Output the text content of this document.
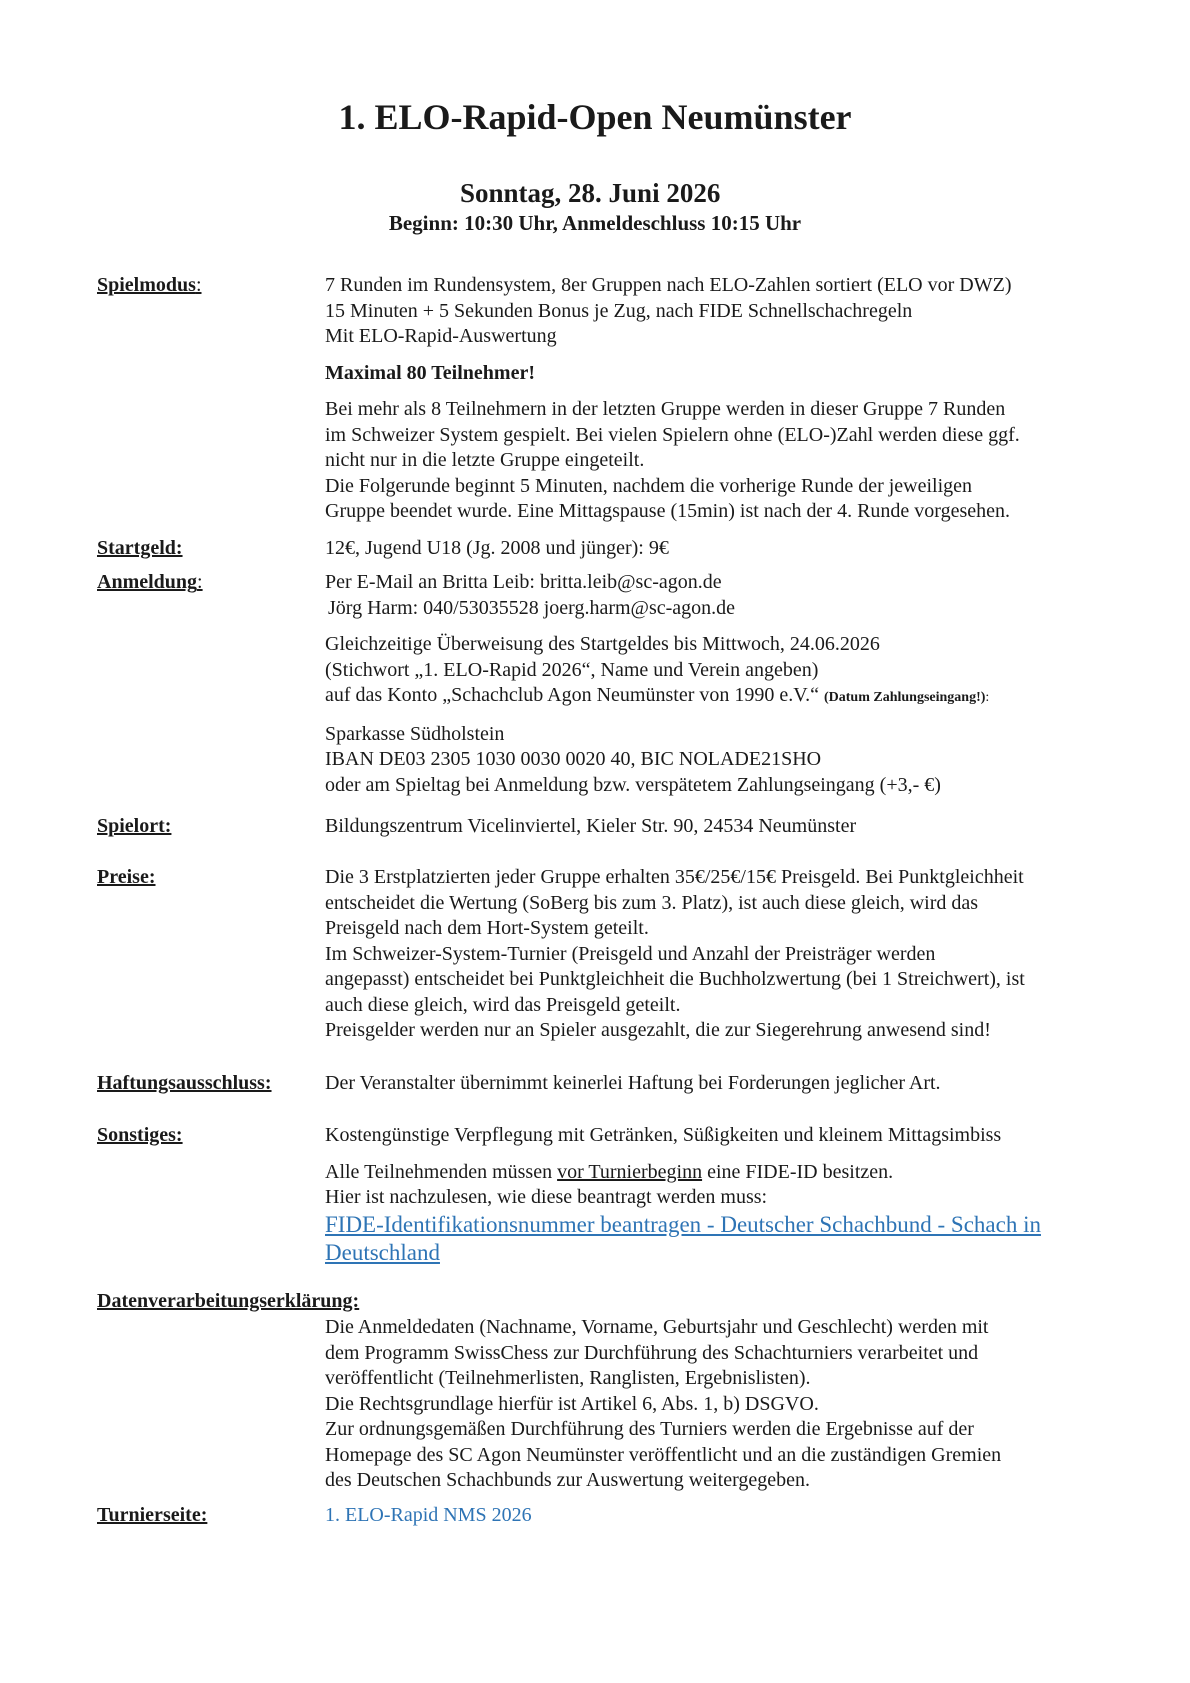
1. ELO-Rapid-Open Neumünster
Sonntag, 28. Juni 2026
Beginn: 10:30 Uhr, Anmeldeschluss 10:15 Uhr
Spielmodus:	7 Runden im Rundensystem, 8er Gruppen nach ELO-Zahlen sortiert (ELO vor DWZ)

15 Minuten + 5 Sekunden Bonus je Zug, nach FIDE Schnellschachregeln

Mit ELO-Rapid-Auswertung

Maximal 80 Teilnehmer!

Bei mehr als 8 Teilnehmern in der letzten Gruppe werden in dieser Gruppe 7 Runden

im Schweizer System gespielt. Bei vielen Spielern ohne (ELO-)Zahl werden diese ggf.

nicht nur in die letzte Gruppe eingeteilt.

Die Folgerunde beginnt 5 Minuten, nachdem die vorherige Runde der jeweiligen

Gruppe beendet wurde. Eine Mittagspause (15min) ist nach der 4. Runde vorgesehen.

Startgeld:	12€, Jugend U18 (Jg. 2008 und jünger): 9€

Anmeldung:	Per E-Mail an Britta Leib: britta.leib@sc-agon.de

Jörg Harm: 040/53035528 joerg.harm@sc-agon.de

Gleichzeitige Überweisung des Startgeldes bis Mittwoch, 24.06.2026

(Stichwort „1. ELO-Rapid 2026“, Name und Verein angeben)

auf das Konto „Schachclub Agon Neumünster von 1990 e.V.“ (Datum Zahlungseingang!):

Sparkasse Südholstein

IBAN DE03 2305 1030 0030 0020 40, BIC NOLADE21SHO

oder am Spieltag bei Anmeldung bzw. verspätetem Zahlungseingang (+3,- €)

Spielort:	Bildungszentrum Vicelinviertel, Kieler Str. 90, 24534 Neumünster

Preise:	Die 3 Erstplatzierten jeder Gruppe erhalten 35€/25€/15€ Preisgeld. Bei Punktgleichheit

entscheidet die Wertung (SoBerg bis zum 3. Platz), ist auch diese gleich, wird das

Preisgeld nach dem Hort-System geteilt.

Im Schweizer-System-Turnier (Preisgeld und Anzahl der Preisträger werden

angepasst) entscheidet bei Punktgleichheit die Buchholzwertung (bei 1 Streichwert), ist

auch diese gleich, wird das Preisgeld geteilt.

Preisgelder werden nur an Spieler ausgezahlt, die zur Siegerehrung anwesend sind!

Haftungsausschluss:	Der Veranstalter übernimmt keinerlei Haftung bei Forderungen jeglicher Art.

Sonstiges:	Kostengünstige Verpflegung mit Getränken, Süßigkeiten und kleinem Mittagsimbiss

Alle Teilnehmenden müssen vor Turnierbeginn eine FIDE-ID besitzen.

Hier ist nachzulesen, wie diese beantragt werden muss:

FIDE-Identifikationsnummer beantragen - Deutscher Schachbund - Schach in

Deutschland

Datenverarbeitungserklärung:

Die Anmeldedaten (Nachname, Vorname, Geburtsjahr und Geschlecht) werden mit

dem Programm SwissChess zur Durchführung des Schachturniers verarbeitet und

veröffentlicht (Teilnehmerlisten, Ranglisten, Ergebnislisten).

Die Rechtsgrundlage hierfür ist Artikel 6, Abs. 1, b) DSGVO.

Zur ordnungsgemäßen Durchführung des Turniers werden die Ergebnisse auf der

Homepage des SC Agon Neumünster veröffentlicht und an die zuständigen Gremien

des Deutschen Schachbunds zur Auswertung weitergegeben.

Turnierseite:	1. ELO-Rapid NMS 2026
